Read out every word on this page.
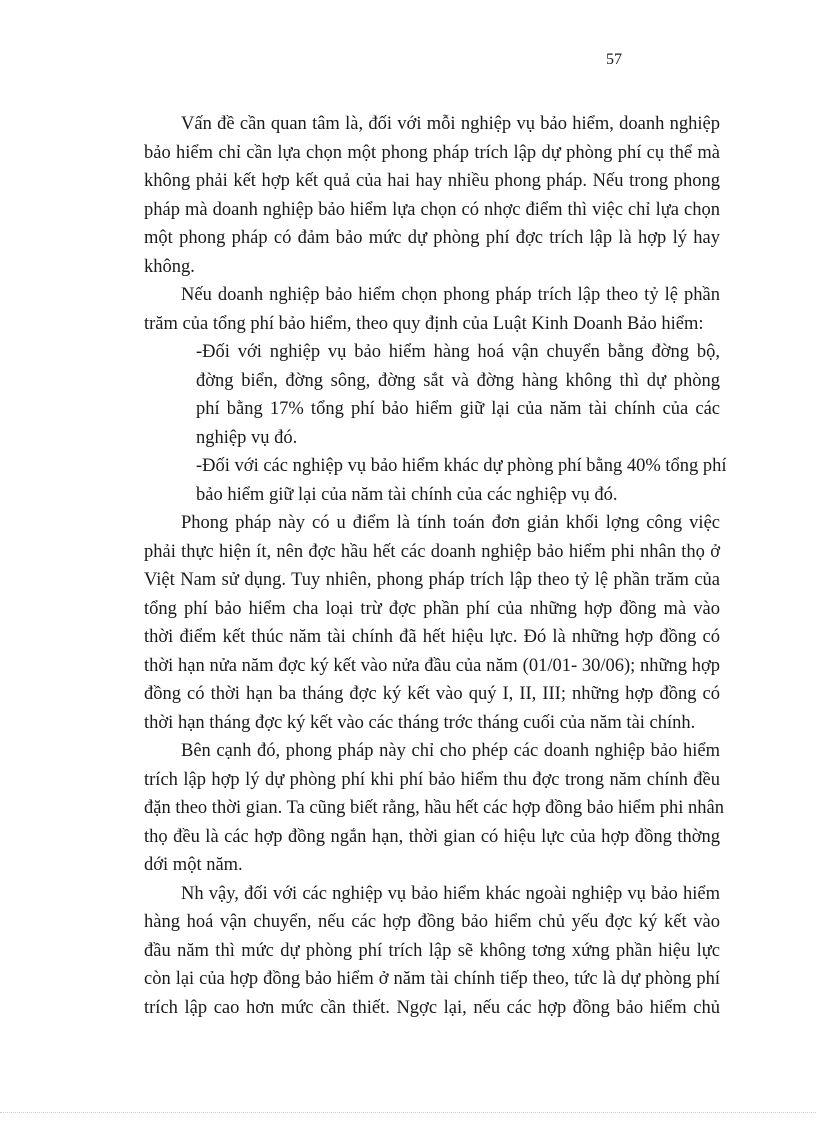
57
Vấn đề cần quan tâm là, đối với mỗi nghiệp vụ bảo hiểm, doanh nghiệp
bảo hiểm chỉ cần lựa chọn một phong pháp trích lập dự phòng phí cụ thể mà
không phải kết hợp kết quả của hai hay nhiều phong pháp. Nếu trong phong
pháp mà doanh nghiệp bảo hiểm lựa chọn có nhợc điểm thì việc chỉ lựa chọn
một phong pháp có đảm bảo mức dự phòng phí đợc trích lập là hợp lý hay
không.
Nếu doanh nghiệp bảo hiểm chọn phong pháp trích lập theo tỷ lệ phần
trăm của tổng phí bảo hiểm, theo quy định của Luật Kinh Doanh Bảo hiểm:
-Đối với nghiệp vụ bảo hiểm hàng hoá vận chuyển bằng đờng bộ,
đờng biển, đờng sông, đờng sắt và đờng hàng không thì dự phòng
phí bằng 17% tổng phí bảo hiểm giữ lại của năm tài chính của các
nghiệp vụ đó.
-Đối với các nghiệp vụ bảo hiểm khác dự phòng phí bằng 40% tổng phí
bảo hiểm giữ lại của năm tài chính của các nghiệp vụ đó.
Phong pháp này có u điểm là tính toán đơn giản khối lợng công việc
phải thực hiện ít, nên đợc hầu hết các doanh nghiệp bảo hiểm phi nhân thọ ở
Việt Nam sử dụng. Tuy nhiên, phong pháp trích lập theo tỷ lệ phần trăm của
tổng phí bảo hiểm cha loại trừ đợc phần phí của những hợp đồng mà vào
thời điểm kết thúc năm tài chính đã hết hiệu lực. Đó là những hợp đồng có
thời hạn nửa năm đợc ký kết vào nửa đầu của năm (01/01- 30/06); những hợp
đồng có thời hạn ba tháng đợc ký kết vào quý I, II, III; những hợp đồng có
thời hạn tháng đợc ký kết vào các tháng trớc tháng cuối của năm tài chính.
Bên cạnh đó, phong pháp này chỉ cho phép các doanh nghiệp bảo hiểm
trích lập hợp lý dự phòng phí khi phí bảo hiểm thu đợc trong năm chính đều
đặn theo thời gian. Ta cũng biết rằng, hầu hết các hợp đồng bảo hiểm phi nhân
thọ đều là các hợp đồng ngắn hạn, thời gian có hiệu lực của hợp đồng thờng
dới một năm.
Nh vậy, đối với các nghiệp vụ bảo hiểm khác ngoài nghiệp vụ bảo hiểm
hàng hoá vận chuyển, nếu các hợp đồng bảo hiểm chủ yếu đợc ký kết vào
đầu năm thì mức dự phòng phí trích lập sẽ không tơng xứng phần hiệu lực
còn lại của hợp đồng bảo hiểm ở năm tài chính tiếp theo, tức là dự phòng phí
trích lập cao hơn mức cần thiết. Ngợc lại, nếu các hợp đồng bảo hiểm chủ
